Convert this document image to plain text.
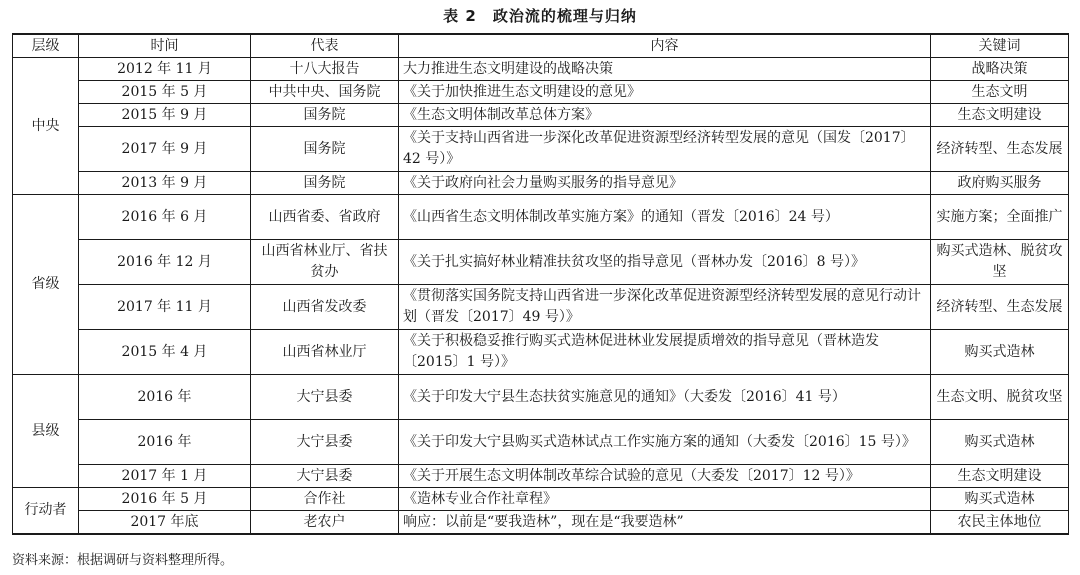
表 2　政治流的梳理与归纳
层级	时间	代表	内容	关键词
中央	2012 年 11 月	十八大报告	大力推进生态文明建设的战略决策	战略决策
	2015 年 5 月	中共中央、国务院	《关于加快推进生态文明建设的意见》	生态文明
	2015 年 9 月	国务院	《生态文明体制改革总体方案》	生态文明建设
	2017 年 9 月	国务院	《关于支持山西省进一步深化改革促进资源型经济转型发展的意见（国发〔2017〕42 号）》	经济转型、生态发展
	2013 年 9 月	国务院	《关于政府向社会力量购买服务的指导意见》	政府购买服务
省级	2016 年 6 月	山西省委、省政府	《山西省生态文明体制改革实施方案》的通知（晋发〔2016〕24 号）	实施方案；全面推广
	2016 年 12 月	山西省林业厅、省扶贫办	《关于扎实搞好林业精准扶贫攻坚的指导意见（晋林办发〔2016〕8 号）》	购买式造林、脱贫攻坚
	2017 年 11 月	山西省发改委	《贯彻落实国务院支持山西省进一步深化改革促进资源型经济转型发展的意见行动计划（晋发〔2017〕49 号）》	经济转型、生态发展
	2015 年 4 月	山西省林业厅	《关于积极稳妥推行购买式造林促进林业发展提质增效的指导意见（晋林造发〔2015〕1 号）》	购买式造林
县级	2016 年	大宁县委	《关于印发大宁县生态扶贫实施意见的通知》（大委发〔2016〕41 号）	生态文明、脱贫攻坚
	2016 年	大宁县委	《关于印发大宁县购买式造林试点工作实施方案的通知（大委发〔2016〕15 号）》	购买式造林
	2017 年 1 月	大宁县委	《关于开展生态文明体制改革综合试验的意见（大委发〔2017〕12 号）》	生态文明建设
行动者	2016 年 5 月	合作社	《造林专业合作社章程》	购买式造林
	2017 年底	老农户	响应：以前是“要我造林”，现在是“我要造林”	农民主体地位
资料来源：根据调研与资料整理所得。
